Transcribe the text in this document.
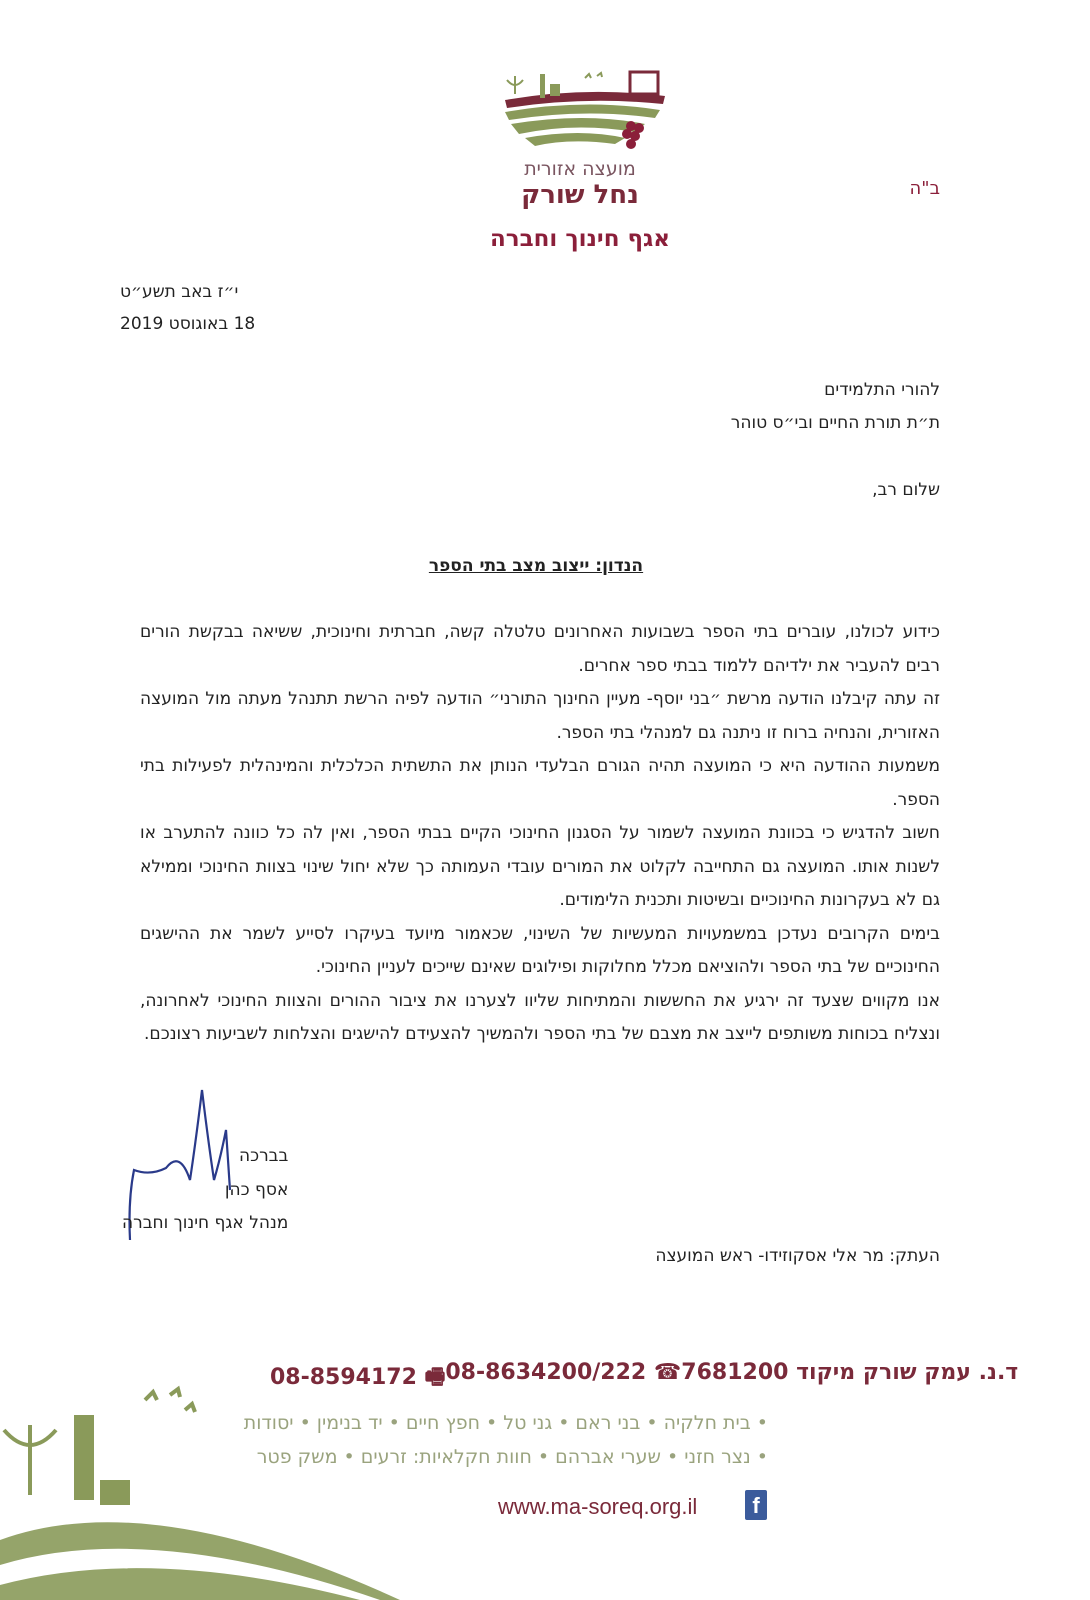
מועצה אזורית
נחל שורק
אגף חינוך וחברה
ב"ה
י״ז באב תשע״ט
18 באוגוסט 2019
להורי התלמידים
ת״ת תורת החיים ובי״ס טוהר
שלום רב,
הנדון: ייצוב מצב בתי הספר

כידוע לכולנו, עוברים בתי הספר בשבועות האחרונים טלטלה קשה, חברתית וחינוכית, ששיאה בבקשת הורים רבים להעביר את ילדיהם ללמוד בבתי ספר אחרים.

זה עתה קיבלנו הודעה מרשת ״בני יוסף- מעיין החינוך התורני״ הודעה לפיה הרשת תתנהל מעתה מול המועצה האזורית, והנחיה ברוח זו ניתנה גם למנהלי בתי הספר.

משמעות ההודעה היא כי המועצה תהיה הגורם הבלעדי הנותן את התשתית הכלכלית והמינהלית לפעילות בתי הספר.

חשוב להדגיש כי בכוונת המועצה לשמור על הסגנון החינוכי הקיים בבתי הספר, ואין לה כל כוונה להתערב או לשנות אותו. המועצה גם התחייבה לקלוט את המורים עובדי העמותה כך שלא יחול שינוי בצוות החינוכי וממילא גם לא בעקרונות החינוכיים ובשיטות ותכנית הלימודים.

בימים הקרובים נעדכן במשמעויות המעשיות של השינוי, שכאמור מיועד בעיקרו לסייע לשמר את ההישגים החינוכיים של בתי הספר ולהוציאם מכלל מחלוקות ופילוגים שאינם שייכים לעניין החינוכי.

אנו מקווים שצעד זה ירגיע את החששות והמתיחות שליוו לצערנו את ציבור ההורים והצוות החינוכי לאחרונה, ונצליח בכוחות משותפים לייצב את מצבם של בתי הספר ולהמשיך להצעידם להישגים והצלחות לשביעות רצונכם.

בברכה
אסף כהן
מנהל אגף חינוך וחברה
העתק: מר אלי אסקוזידו- ראש המועצה
08-8594172 🖷 08-8634200/222 ☎ ד.נ. עמק שורק מיקוד 7681200
• בית חלקיה • בני ראם • גני טל • חפץ חיים • יד בנימין • יסודות
• נצר חזני • שערי אברהם • חוות חקלאיות: זרעים • משק פטר
www.ma-soreq.org.il	f
